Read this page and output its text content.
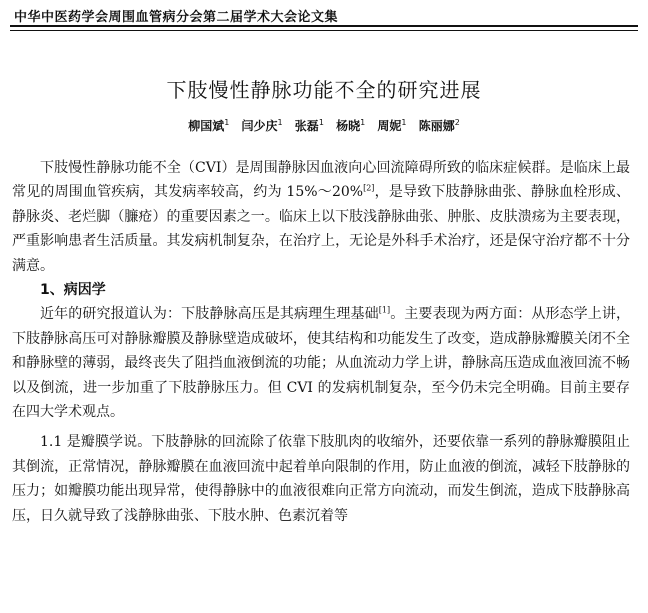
中华中医药学会周围血管病分会第二届学术大会论文集
下肢慢性静脉功能不全的研究进展
柳国斌$^1$ 闫少庆$^1$ 张磊$^1$ 杨晓$^1$ 周妮$^1$ 陈丽娜$^2$

下肢慢性静脉功能不全（CVI）是周围静脉因血液向心回流障碍所致的临床症候群。是临床上最常见的周围血管疾病，其发病率较高，约为 15%～20%[2]，是导致下肢静脉曲张、静脉血栓形成、静脉炎、老烂脚（臁疮）的重要因素之一。临床上以下肢浅静脉曲张、肿胀、皮肤溃疡为主要表现，严重影响患者生活质量。其发病机制复杂，在治疗上，无论是外科手术治疗，还是保守治疗都不十分满意。

1、病因学

近年的研究报道认为：下肢静脉高压是其病理生理基础[1]。主要表现为两方面：从形态学上讲，下肢静脉高压可对静脉瓣膜及静脉壁造成破坏，使其结构和功能发生了改变，造成静脉瓣膜关闭不全和静脉壁的薄弱，最终丧失了阻挡血液倒流的功能；从血流动力学上讲，静脉高压造成血液回流不畅以及倒流，进一步加重了下肢静脉压力。但 CVI 的发病机制复杂，至今仍未完全明确。目前主要存在四大学术观点。

1.1 是瓣膜学说。下肢静脉的回流除了依靠下肢肌肉的收缩外，还要依靠一系列的静脉瓣膜阻止其倒流，正常情况，静脉瓣膜在血液回流中起着单向限制的作用，防止血液的倒流，减轻下肢静脉的压力；如瓣膜功能出现异常，使得静脉中的血液很难向正常方向流动，而发生倒流，造成下肢静脉高压，日久就导致了浅静脉曲张、下肢水肿、色素沉着等
